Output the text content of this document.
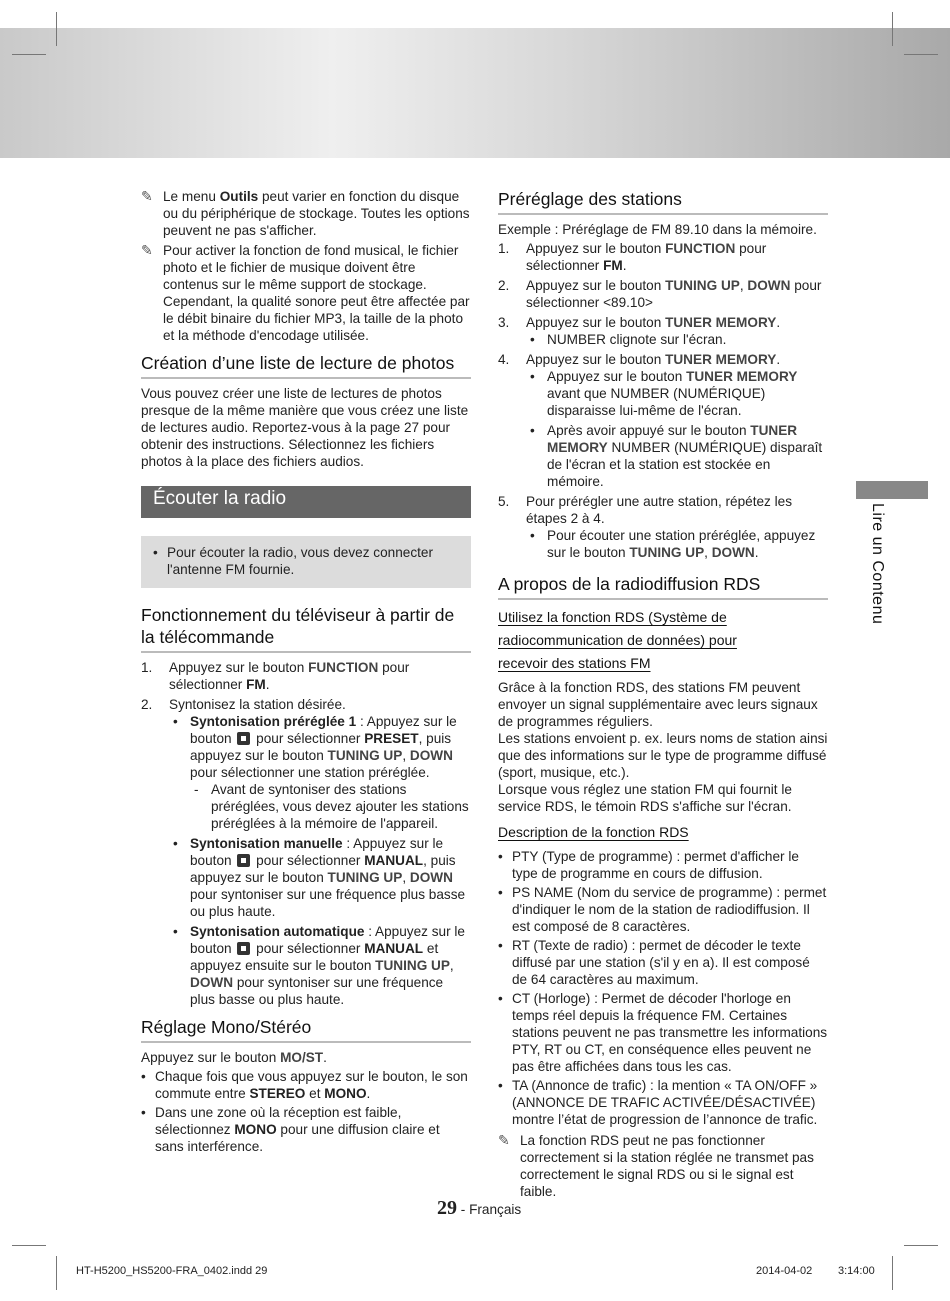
✎ Le menu Outils peut varier en fonction du disque ou du périphérique de stockage. Toutes les options peuvent ne pas s'afficher.
✎ Pour activer la fonction de fond musical, le fichier photo et le fichier de musique doivent être contenus sur le même support de stockage. Cependant, la qualité sonore peut être affectée par le débit binaire du fichier MP3, la taille de la photo et la méthode d'encodage utilisée.
Création d’une liste de lecture de photos
Vous pouvez créer une liste de lectures de photos presque de la même manière que vous créez une liste de lectures audio. Reportez-vous à la page 27 pour obtenir des instructions. Sélectionnez les fichiers photos à la place des fichiers audios.
Écouter la radio
• Pour écouter la radio, vous devez connecter l'antenne FM fournie.
Fonctionnement du téléviseur à partir de la télécommande
1. Appuyez sur le bouton FUNCTION pour sélectionner FM.
2. Syntonisez la station désirée.
• Syntonisation préréglée 1 : Appuyez sur le bouton  pour sélectionner PRESET, puis appuyez sur le bouton TUNING UP, DOWN pour sélectionner une station préréglée.
- Avant de syntoniser des stations préréglées, vous devez ajouter les stations préréglées à la mémoire de l'appareil.
• Syntonisation manuelle : Appuyez sur le bouton  pour sélectionner MANUAL, puis appuyez sur le bouton TUNING UP, DOWN pour syntoniser sur une fréquence plus basse ou plus haute.
• Syntonisation automatique : Appuyez sur le bouton  pour sélectionner MANUAL et appuyez ensuite sur le bouton TUNING UP, DOWN pour syntoniser sur une fréquence plus basse ou plus haute.
Réglage Mono/Stéréo
Appuyez sur le bouton MO/ST.
• Chaque fois que vous appuyez sur le bouton, le son commute entre STEREO et MONO.
• Dans une zone où la réception est faible, sélectionnez MONO pour une diffusion claire et sans interférence.
Préréglage des stations
Exemple : Préréglage de FM 89.10 dans la mémoire.
1. Appuyez sur le bouton FUNCTION pour sélectionner FM.
2. Appuyez sur le bouton TUNING UP, DOWN pour sélectionner <89.10>
3. Appuyez sur le bouton TUNER MEMORY.
• NUMBER clignote sur l'écran.
4. Appuyez sur le bouton TUNER MEMORY.
• Appuyez sur le bouton TUNER MEMORY avant que NUMBER (NUMÉRIQUE) disparaisse lui-même de l'écran.
• Après avoir appuyé sur le bouton TUNER MEMORY NUMBER (NUMÉRIQUE) disparaît de l'écran et la station est stockée en mémoire.
5. Pour prérégler une autre station, répétez les étapes 2 à 4.
• Pour écouter une station préréglée, appuyez sur le bouton TUNING UP, DOWN.
A propos de la radiodiffusion RDS
Utilisez la fonction RDS (Système de
radiocommunication de données) pour
recevoir des stations FM
Grâce à la fonction RDS, des stations FM peuvent envoyer un signal supplémentaire avec leurs signaux de programmes réguliers.
Les stations envoient p. ex. leurs noms de station ainsi que des informations sur le type de programme diffusé (sport, musique, etc.).
Lorsque vous réglez une station FM qui fournit le service RDS, le témoin RDS s'affiche sur l'écran.
Description de la fonction RDS
• PTY (Type de programme) : permet d'afficher le type de programme en cours de diffusion.
• PS NAME (Nom du service de programme) : permet d'indiquer le nom de la station de radiodiffusion. Il est composé de 8 caractères.
• RT (Texte de radio) : permet de décoder le texte diffusé par une station (s'il y en a). Il est composé de 64 caractères au maximum.
• CT (Horloge) : Permet de décoder l'horloge en temps réel depuis la fréquence FM. Certaines stations peuvent ne pas transmettre les informations PTY, RT ou CT, en conséquence elles peuvent ne pas être affichées dans tous les cas.
• TA (Annonce de trafic) : la mention « TA ON/OFF » (ANNONCE DE TRAFIC ACTIVÉE/DÉSACTIVÉE) montre l’état de progression de l’annonce de trafic.
✎ La fonction RDS peut ne pas fonctionner correctement si la station réglée ne transmet pas correctement le signal RDS ou si le signal est faible.
Lire un Contenu
29 - Français
HT-H5200_HS5200-FRA_0402.indd 29	2014-04-02 3:14:00
